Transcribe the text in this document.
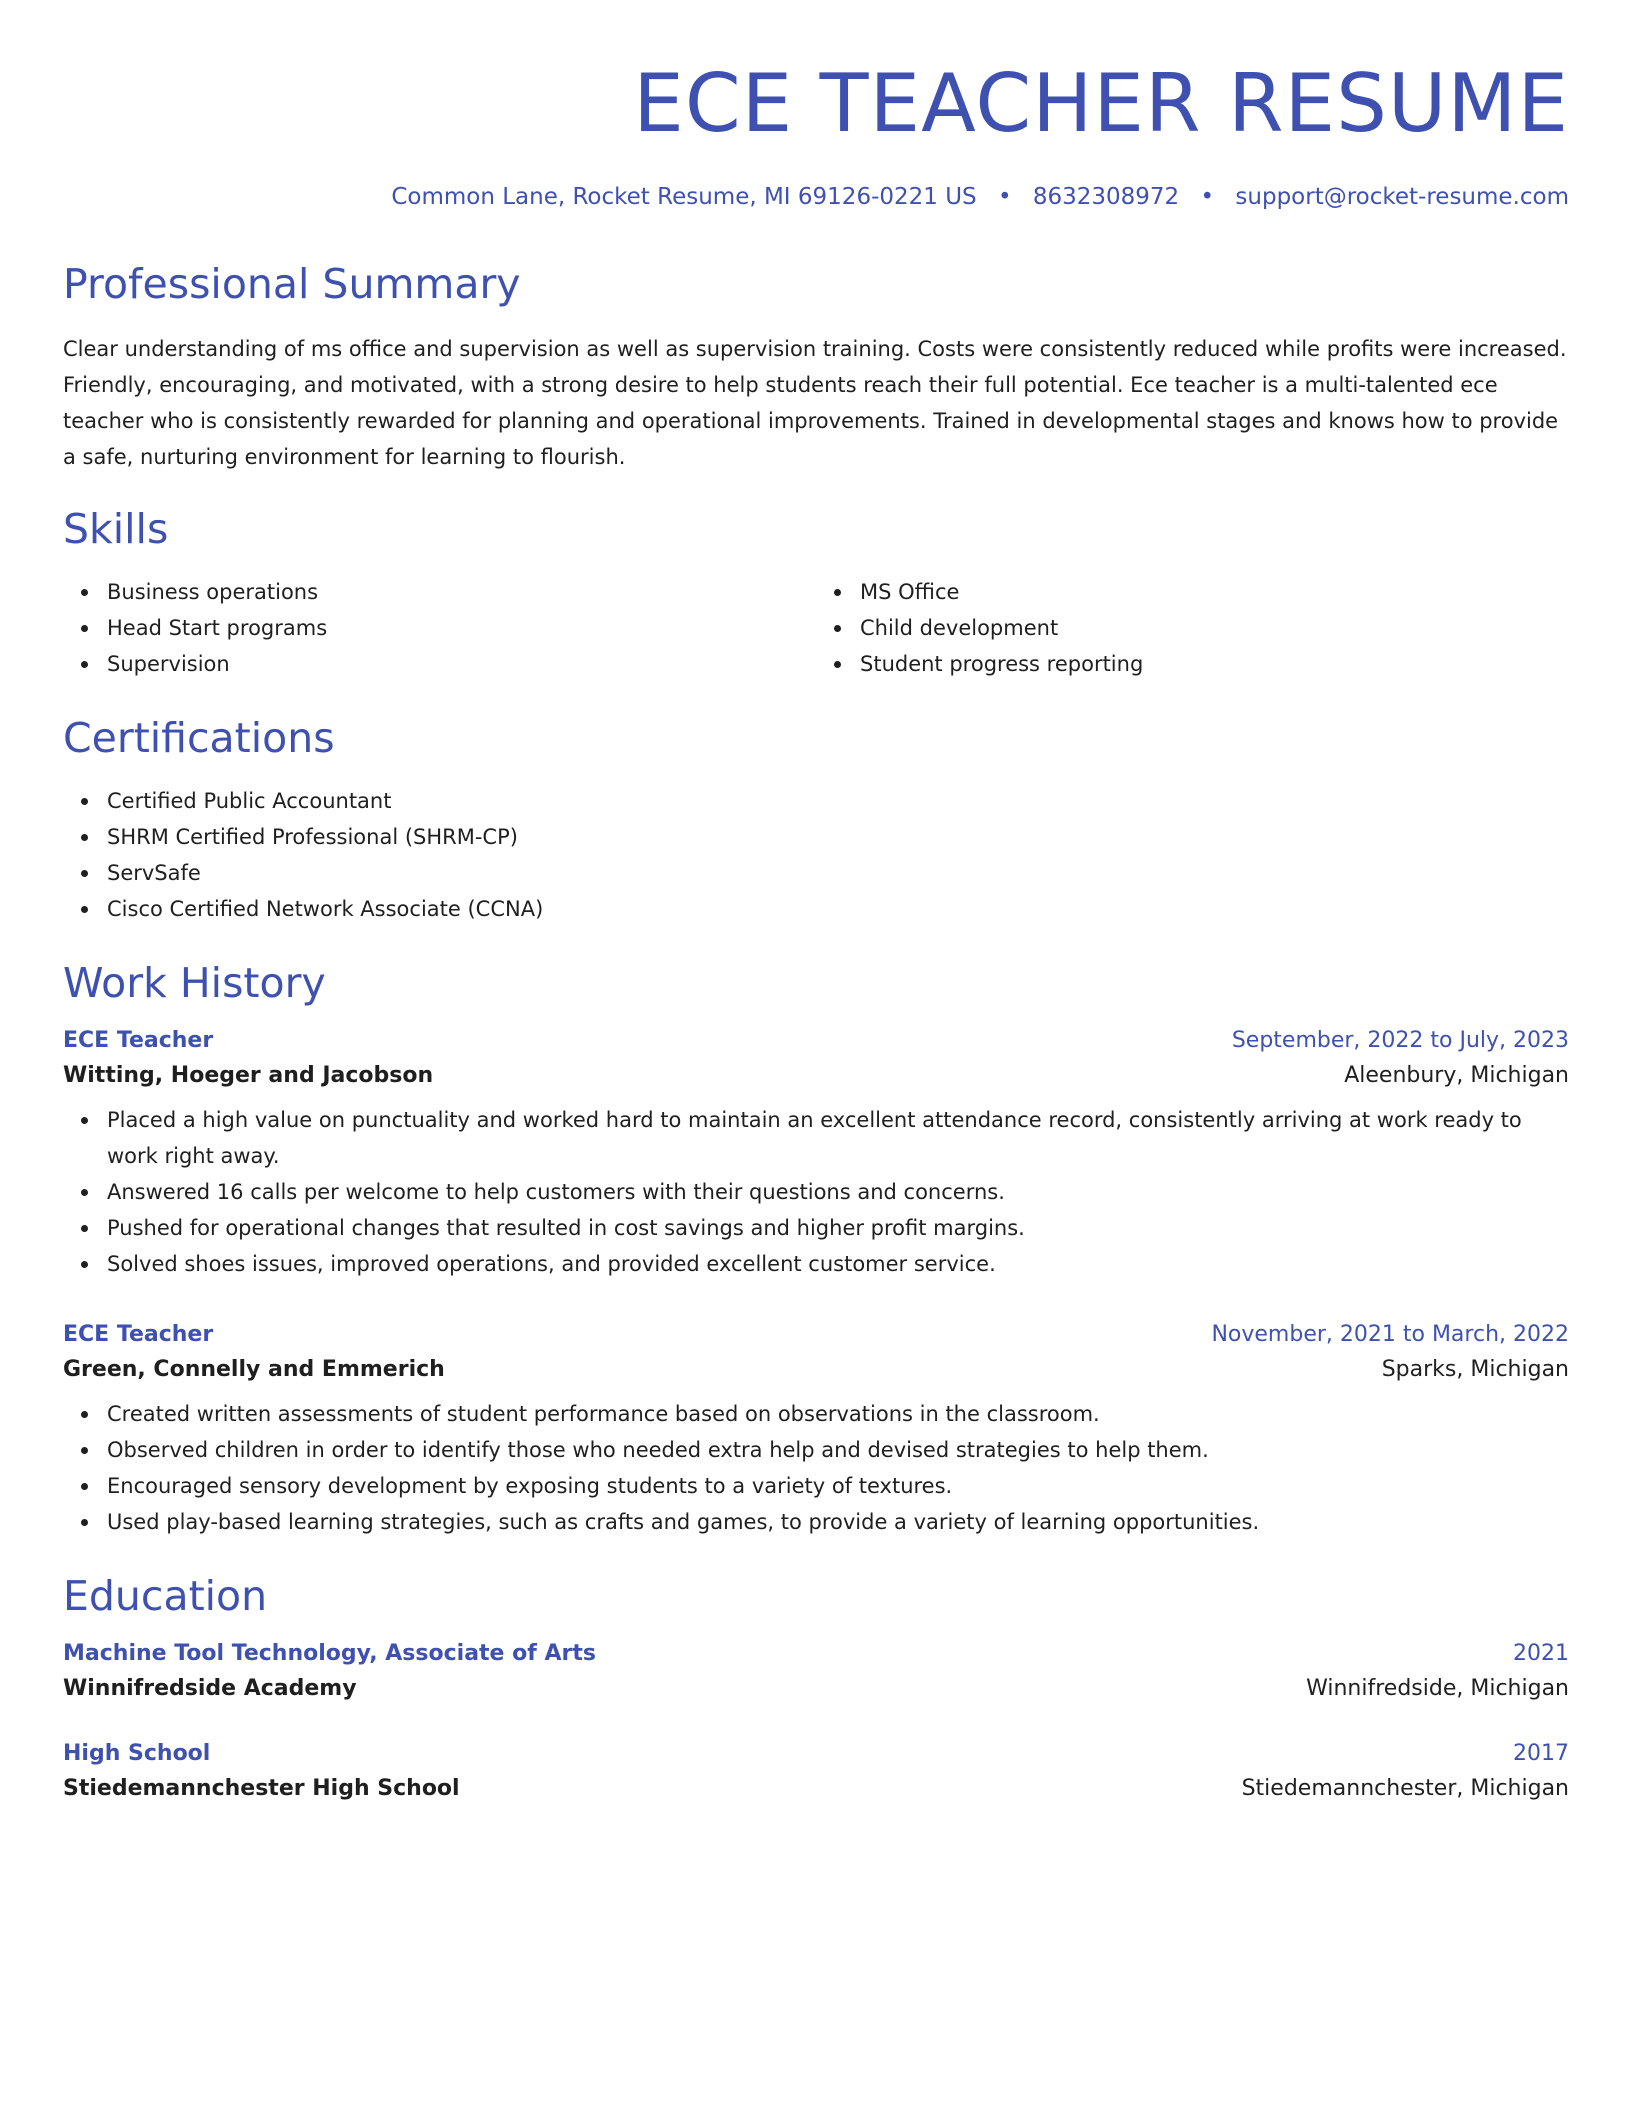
ECE TEACHER RESUME
Common Lane, Rocket Resume, MI 69126-0221 US • 8632308972 • support@rocket-resume.com
Professional Summary

Clear understanding of ms office and supervision as well as supervision training. Costs were consistently reduced while profits were increased. Friendly, encouraging, and motivated, with a strong desire to help students reach their full potential. Ece teacher is a multi-talented ece teacher who is consistently rewarded for planning and operational improvements. Trained in developmental stages and knows how to provide a safe, nurturing environment for learning to flourish.

Skills
Business operations
Head Start programs
Supervision
MS Office
Child development
Student progress reporting
Certifications
Certified Public Accountant
SHRM Certified Professional (SHRM-CP)
ServSafe
Cisco Certified Network Associate (CCNA)
Work History
ECE Teacher	September, 2022 to July, 2023
Witting, Hoeger and Jacobson	Aleenbury, Michigan
Placed a high value on punctuality and worked hard to maintain an excellent attendance record, consistently arriving at work ready to work right away.
Answered 16 calls per welcome to help customers with their questions and concerns.
Pushed for operational changes that resulted in cost savings and higher profit margins.
Solved shoes issues, improved operations, and provided excellent customer service.
ECE Teacher	November, 2021 to March, 2022
Green, Connelly and Emmerich	Sparks, Michigan
Created written assessments of student performance based on observations in the classroom.
Observed children in order to identify those who needed extra help and devised strategies to help them.
Encouraged sensory development by exposing students to a variety of textures.
Used play-based learning strategies, such as crafts and games, to provide a variety of learning opportunities.
Education
Machine Tool Technology, Associate of Arts	2021
Winnifredside Academy	Winnifredside, Michigan
High School	2017
Stiedemannchester High School	Stiedemannchester, Michigan
